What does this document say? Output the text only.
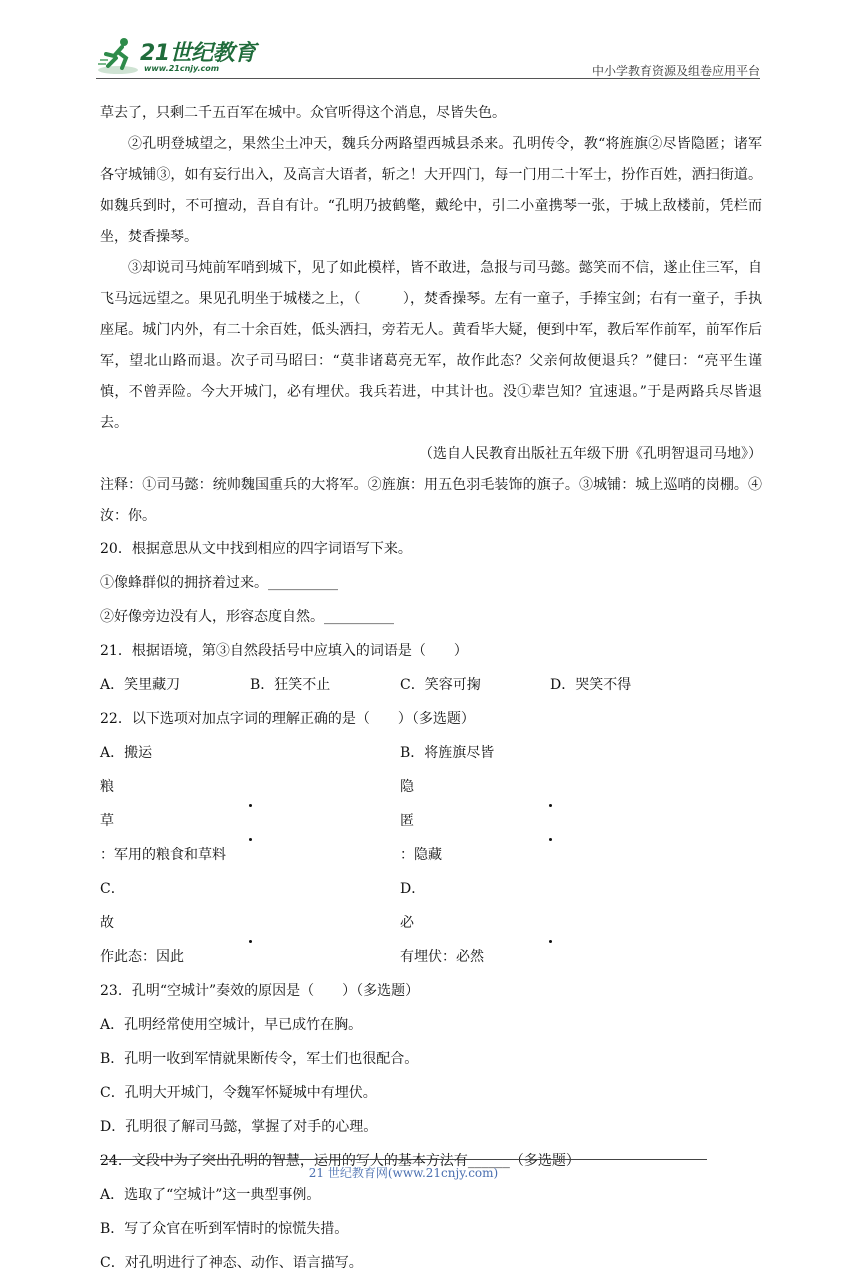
21世纪教育
www.21cnjy.com	中小学教育资源及组卷应用平台

草去了，只剩二千五百军在城中。众官听得这个消息，尽皆失色。

②孔明登城望之，果然尘土冲天，魏兵分两路望西城县杀来。孔明传令，教“将旌旗②尽皆隐匿；诸军各守城铺③，如有妄行出入，及高言大语者，斩之！大开四门，每一门用二十军士，扮作百姓，洒扫街道。如魏兵到时，不可擅动，吾自有计。“孔明乃披鹤氅，戴纶中，引二小童携琴一张，于城上敌楼前，凭栏而坐，焚香操琴。

③却说司马炖前军哨到城下，见了如此模样，皆不敢进，急报与司马懿。懿笑而不信，遂止住三军，自飞马远远望之。果见孔明坐于城楼之上，（　　　），焚香操琴。左有一童子，手捧宝剑；右有一童子，手执座尾。城门内外，有二十余百姓，低头洒扫，旁若无人。黄看毕大疑，便到中军，教后军作前军，前军作后军，望北山路而退。次子司马昭曰：“莫非诸葛亮无军，故作此态？父亲何故便退兵？”健曰：“亮平生谨慎，不曾弄险。今大开城门，必有埋伏。我兵若进，中其计也。没①辈岂知？宜速退。”于是两路兵尽皆退去。

（选自人民教育出版社五年级下册《孔明智退司马地》）

注释：①司马懿：统帅魏国重兵的大将军。②旌旗：用五色羽毛装饰的旗子。③城铺：城上巡哨的岗棚。④汝：你。

20．根据意思从文中找到相应的四字词语写下来。

①像蜂群似的拥挤着过来。__________

②好像旁边没有人，形容态度自然。__________

21．根据语境，第③自然段括号中应填入的词语是（　　）

A．笑里藏刀	B．狂笑不止	C．笑容可掬	D．哭笑不得

22．以下选项对加点字词的理解正确的是（　　）（多选题）

A．搬运粮草：军用的粮食和草料
B．将旌旗尽皆隐匿：隐藏
C．故作此态：因此
D．必有埋伏：必然

23．孔明“空城计”奏效的原因是（　　）（多选题）

A．孔明经常使用空城计，早已成竹在胸。

B．孔明一收到军情就果断传令，军士们也很配合。

C．孔明大开城门，令魏军怀疑城中有埋伏。

D．孔明很了解司马懿，掌握了对手的心理。

24．文段中为了突出孔明的智慧，运用的写人的基本方法有______（多选题）

A．选取了“空城计”这一典型事例。

B．写了众官在听到军情时的惊慌失措。

C．对孔明进行了神态、动作、语言描写。

21 世纪教育网(www.21cnjy.com)
